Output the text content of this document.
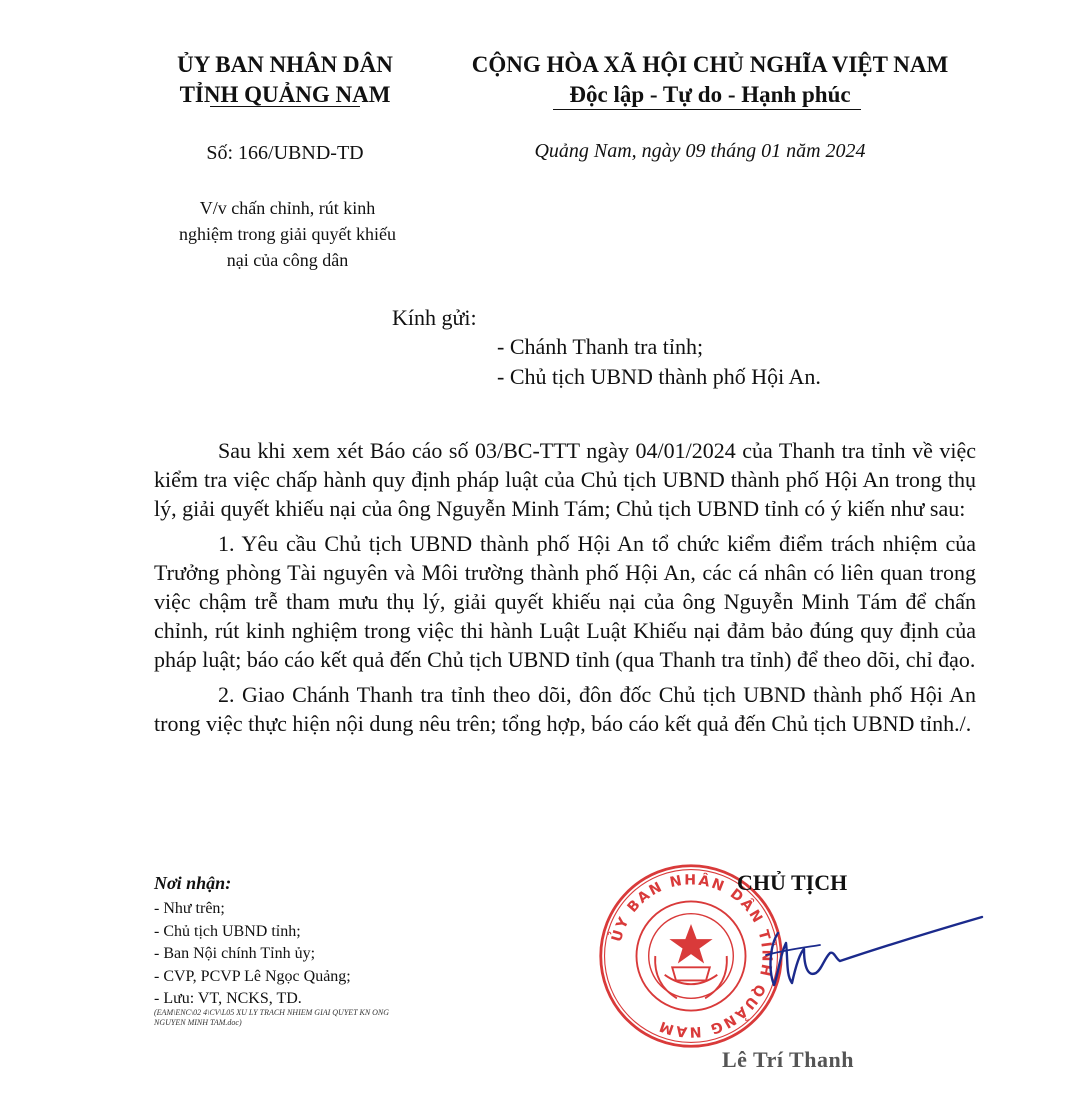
ỦY BAN NHÂN DÂN
TỈNH QUẢNG NAM
CỘNG HÒA XÃ HỘI CHỦ NGHĨA VIỆT NAM
Độc lập - Tự do - Hạnh phúc
Số: 166/UBND-TD	Quảng Nam, ngày 09 tháng 01 năm 2024
V/v chấn chỉnh, rút kinh
nghiệm trong giải quyết khiếu
nại của công dân
Kính gửi:
- Chánh Thanh tra tỉnh;
- Chủ tịch UBND thành phố Hội An.

Sau khi xem xét Báo cáo số 03/BC-TTT ngày 04/01/2024 của Thanh tra tỉnh về việc kiểm tra việc chấp hành quy định pháp luật của Chủ tịch UBND thành phố Hội An trong thụ lý, giải quyết khiếu nại của ông Nguyễn Minh Tám; Chủ tịch UBND tỉnh có ý kiến như sau:

1. Yêu cầu Chủ tịch UBND thành phố Hội An tổ chức kiểm điểm trách nhiệm của Trưởng phòng Tài nguyên và Môi trường thành phố Hội An, các cá nhân có liên quan trong việc chậm trễ tham mưu thụ lý, giải quyết khiếu nại của ông Nguyễn Minh Tám để chấn chỉnh, rút kinh nghiệm trong việc thi hành Luật Luật Khiếu nại đảm bảo đúng quy định của pháp luật; báo cáo kết quả đến Chủ tịch UBND tỉnh (qua Thanh tra tỉnh) để theo dõi, chỉ đạo.

2. Giao Chánh Thanh tra tỉnh theo dõi, đôn đốc Chủ tịch UBND thành phố Hội An trong việc thực hiện nội dung nêu trên; tổng hợp, báo cáo kết quả đến Chủ tịch UBND tỉnh./.

Nơi nhận:
- Như trên;
- Chủ tịch UBND tỉnh;
- Ban Nội chính Tỉnh ủy;
- CVP, PCVP Lê Ngọc Quảng;
- Lưu: VT, NCKS, TD.
(EAM\ENC\02 4\CV\L05 XU LY TRACH NHIEM GIAI QUYET KN ONG NGUYEN MINH TAM.doc)
ỦY BAN NHÂN DÂN TỈNH QUẢNG NAM
CHỦ TỊCH
Lê Trí Thanh
